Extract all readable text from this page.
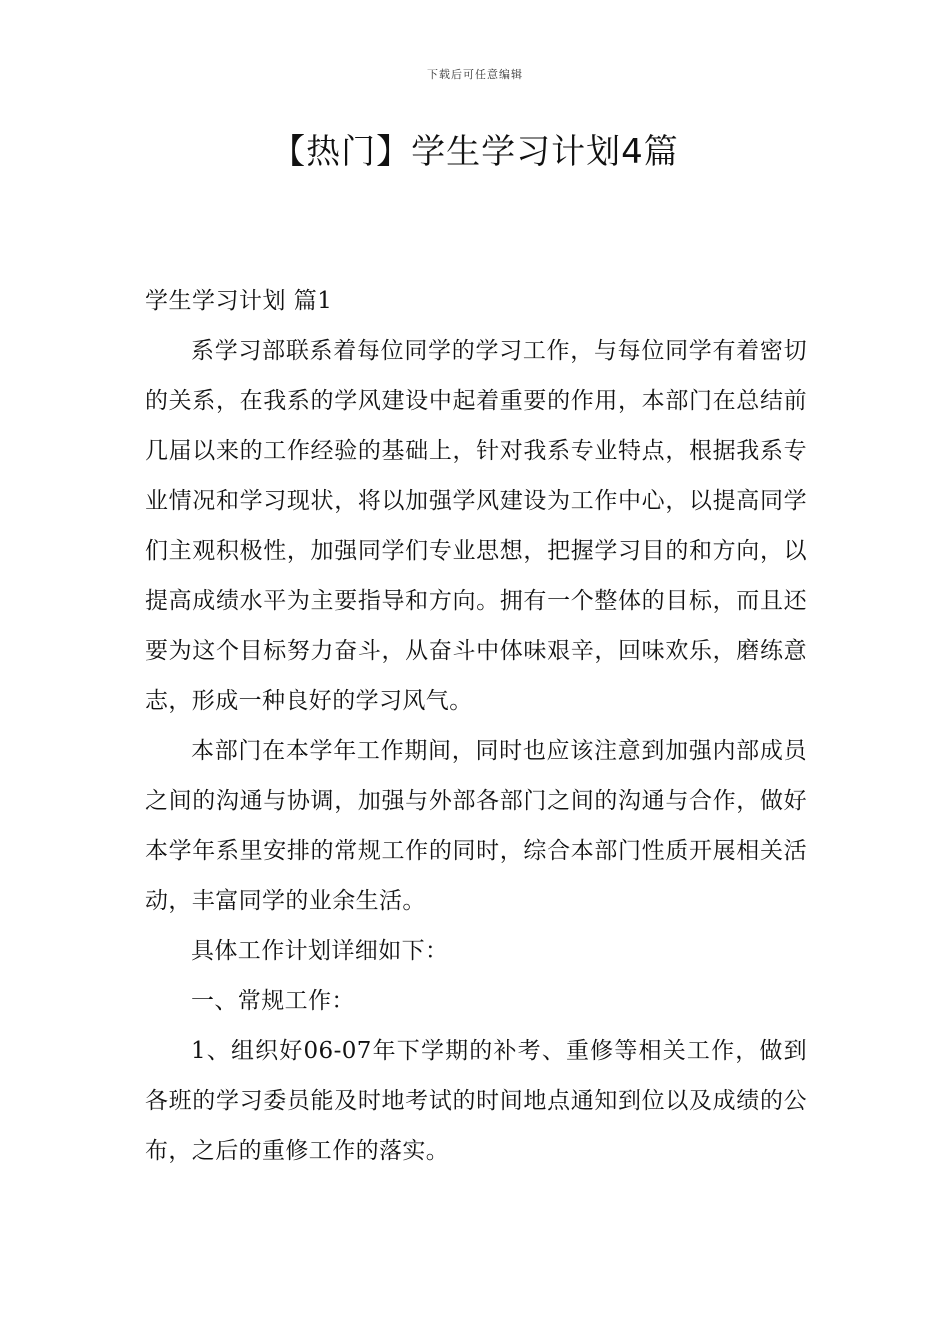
下载后可任意编辑
【热门】学生学习计划4篇
学生学习计划 篇1

系学习部联系着每位同学的学习工作，与每位同学有着密切的关系，在我系的学风建设中起着重要的作用，本部门在总结前几届以来的工作经验的基础上，针对我系专业特点，根据我系专业情况和学习现状，将以加强学风建设为工作中心，以提高同学们主观积极性，加强同学们专业思想，把握学习目的和方向，以提高成绩水平为主要指导和方向。拥有一个整体的目标，而且还要为这个目标努力奋斗，从奋斗中体味艰辛，回味欢乐，磨练意志，形成一种良好的学习风气。

本部门在本学年工作期间，同时也应该注意到加强内部成员之间的沟通与协调，加强与外部各部门之间的沟通与合作，做好本学年系里安排的常规工作的同时，综合本部门性质开展相关活动，丰富同学的业余生活。

具体工作计划详细如下：

一、常规工作：

1、组织好06-07年下学期的补考、重修等相关工作，做到各班的学习委员能及时地考试的时间地点通知到位以及成绩的公布，之后的重修工作的落实。
